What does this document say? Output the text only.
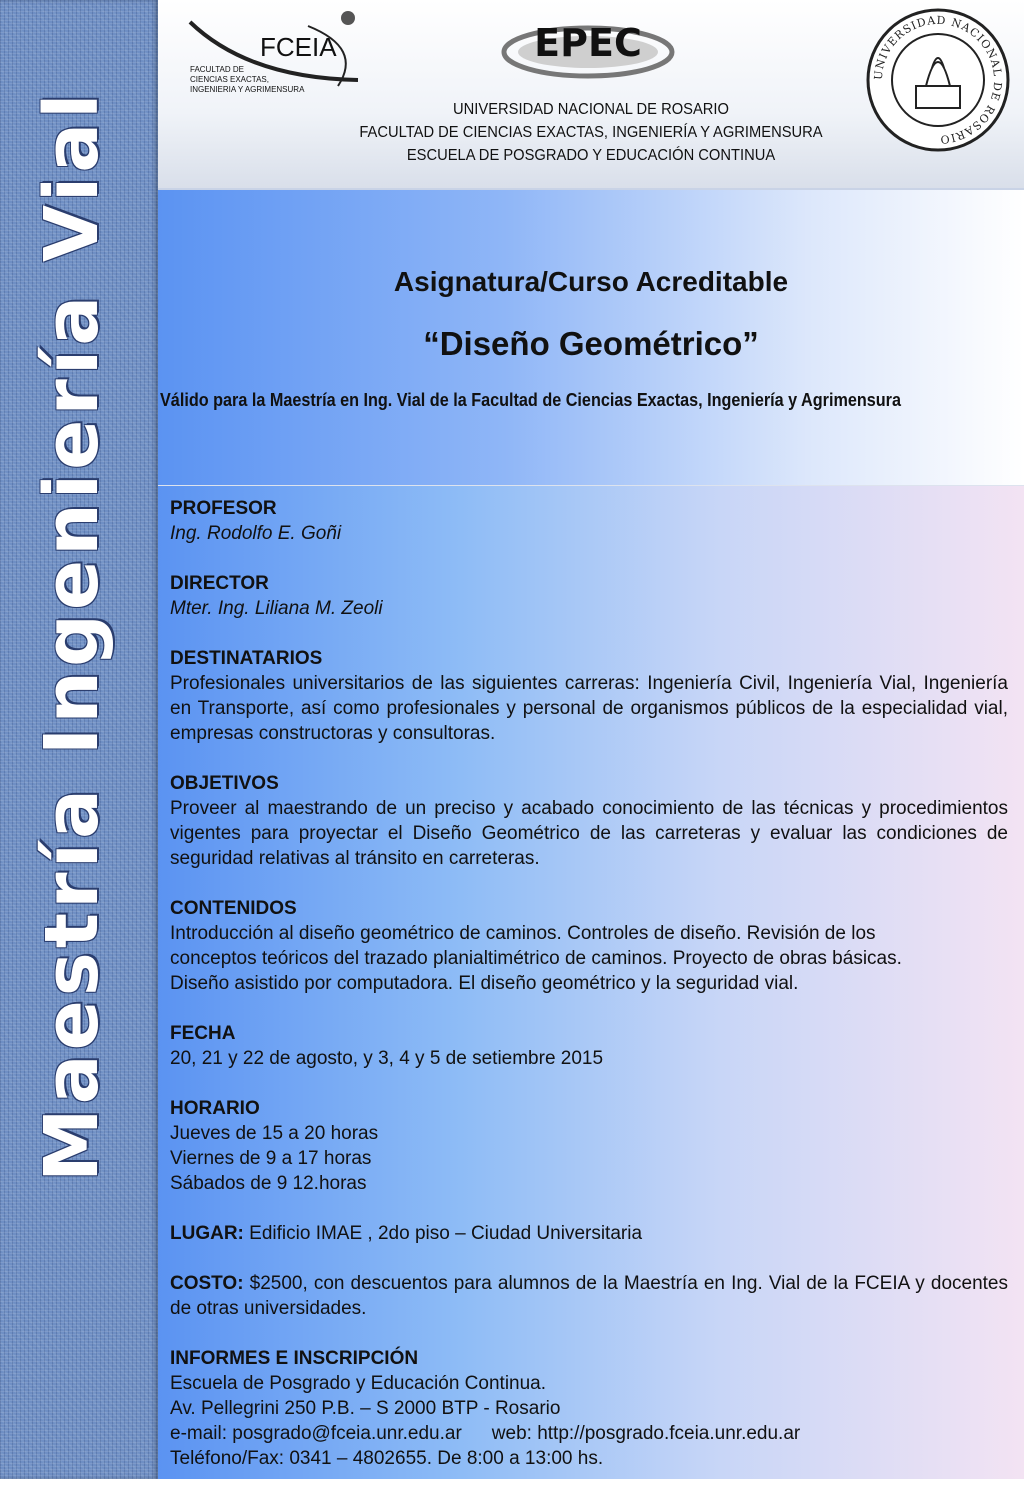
Maestría Ingeniería Vial
FCEIA
FACULTAD DE
CIENCIAS EXACTAS,
INGENIERIA Y AGRIMENSURA
EPEC
UNIVERSIDAD NACIONAL DE ROSARIO
UNIVERSIDAD NACIONAL DE ROSARIO
FACULTAD DE CIENCIAS EXACTAS, INGENIERÍA Y AGRIMENSURA
ESCUELA DE POSGRADO Y EDUCACIÓN CONTINUA
Asignatura/Curso Acreditable
“Diseño Geométrico”
Válido para la Maestría en Ing. Vial de la Facultad de Ciencias Exactas, Ingeniería y Agrimensura
PROFESOR
Ing. Rodolfo E. Goñi
DIRECTOR
Mter. Ing. Liliana M. Zeoli
DESTINATARIOS
Profesionales universitarios de las siguientes carreras: Ingeniería Civil, Ingeniería Vial, Ingeniería en Transporte, así como profesionales y personal de organismos públicos de la especialidad vial, empresas constructoras y consultoras.
OBJETIVOS
Proveer al maestrando de un preciso y acabado conocimiento de las técnicas y procedimientos vigentes para proyectar el Diseño Geométrico de las carreteras y evaluar las condiciones de seguridad relativas al tránsito en carreteras.
CONTENIDOS
Introducción al diseño geométrico de caminos. Controles de diseño. Revisión de los
conceptos teóricos del trazado planialtimétrico de caminos. Proyecto de obras básicas.
Diseño asistido por computadora. El diseño geométrico y la seguridad vial.
FECHA
20, 21 y 22 de agosto, y 3, 4 y 5 de setiembre 2015
HORARIO
Jueves de 15 a 20 horas
Viernes de 9 a 17 horas
Sábados de 9 12.horas
LUGAR: Edificio IMAE , 2do piso – Ciudad Universitaria
COSTO: $2500, con descuentos para alumnos de la Maestría en Ing. Vial de la FCEIA y docentes de otras universidades.
INFORMES E INSCRIPCIÓN
Escuela de Posgrado y Educación Continua.
Av. Pellegrini 250 P.B. – S 2000 BTP - Rosario
e-mail: posgrado@fceia.unr.edu.ar web: http://posgrado.fceia.unr.edu.ar
Teléfono/Fax: 0341 – 4802655. De 8:00 a 13:00 hs.
